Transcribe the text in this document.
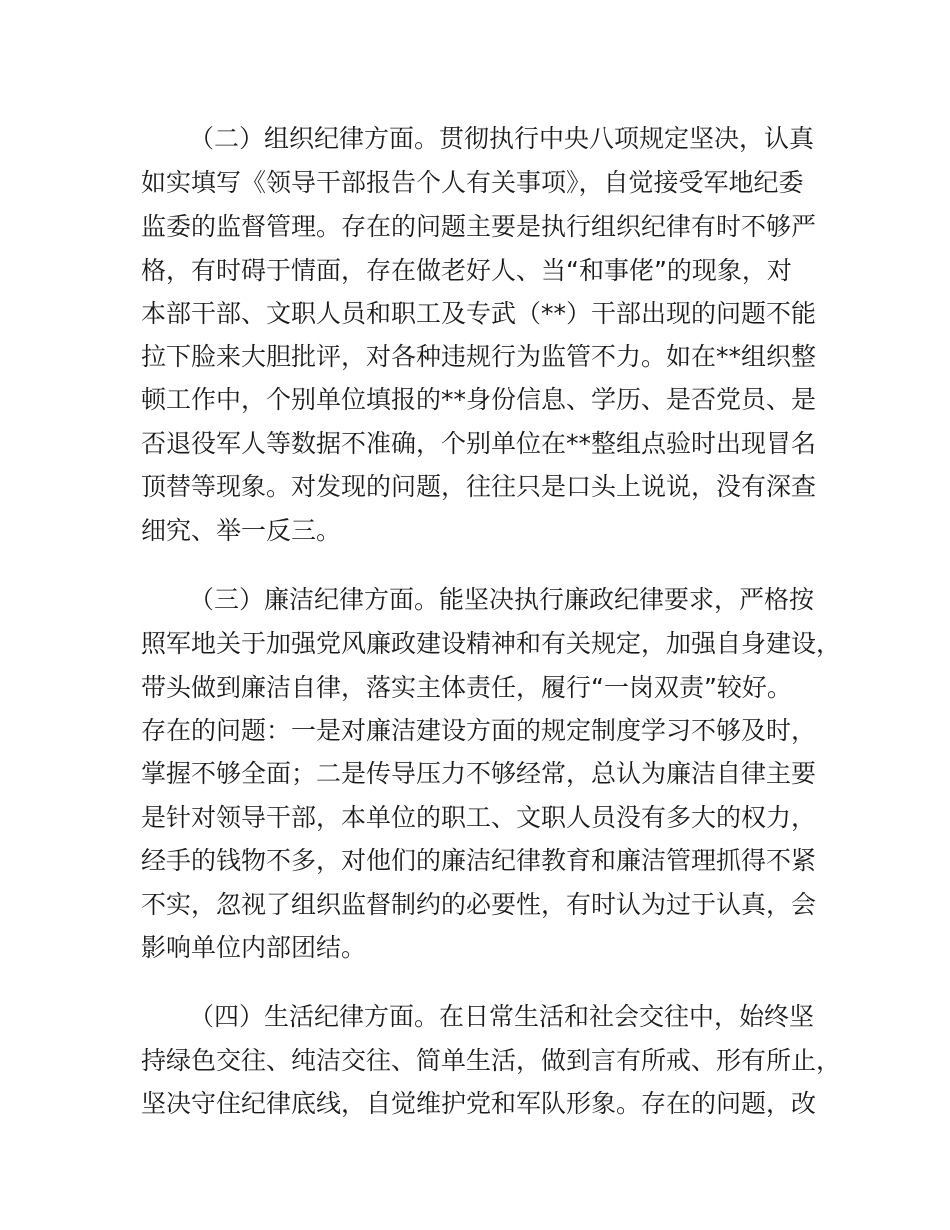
（二）组织纪律方面。贯彻执行中央八项规定坚决，认真
如实填写《领导干部报告个人有关事项》，自觉接受军地纪委
监委的监督管理。存在的问题主要是执行组织纪律有时不够严
格，有时碍于情面，存在做老好人、当“和事佬”的现象，对
本部干部、文职人员和职工及专武（**）干部出现的问题不能
拉下脸来大胆批评，对各种违规行为监管不力。如在**组织整
顿工作中，个别单位填报的**身份信息、学历、是否党员、是
否退役军人等数据不准确，个别单位在**整组点验时出现冒名
顶替等现象。对发现的问题，往往只是口头上说说，没有深查
细究、举一反三。
（三）廉洁纪律方面。能坚决执行廉政纪律要求，严格按
照军地关于加强党风廉政建设精神和有关规定，加强自身建设，
带头做到廉洁自律，落实主体责任，履行“一岗双责”较好。
存在的问题：一是对廉洁建设方面的规定制度学习不够及时，
掌握不够全面；二是传导压力不够经常，总认为廉洁自律主要
是针对领导干部，本单位的职工、文职人员没有多大的权力，
经手的钱物不多，对他们的廉洁纪律教育和廉洁管理抓得不紧
不实，忽视了组织监督制约的必要性，有时认为过于认真，会
影响单位内部团结。
（四）生活纪律方面。在日常生活和社会交往中，始终坚
持绿色交往、纯洁交往、简单生活，做到言有所戒、形有所止，
坚决守住纪律底线，自觉维护党和军队形象。存在的问题，改
